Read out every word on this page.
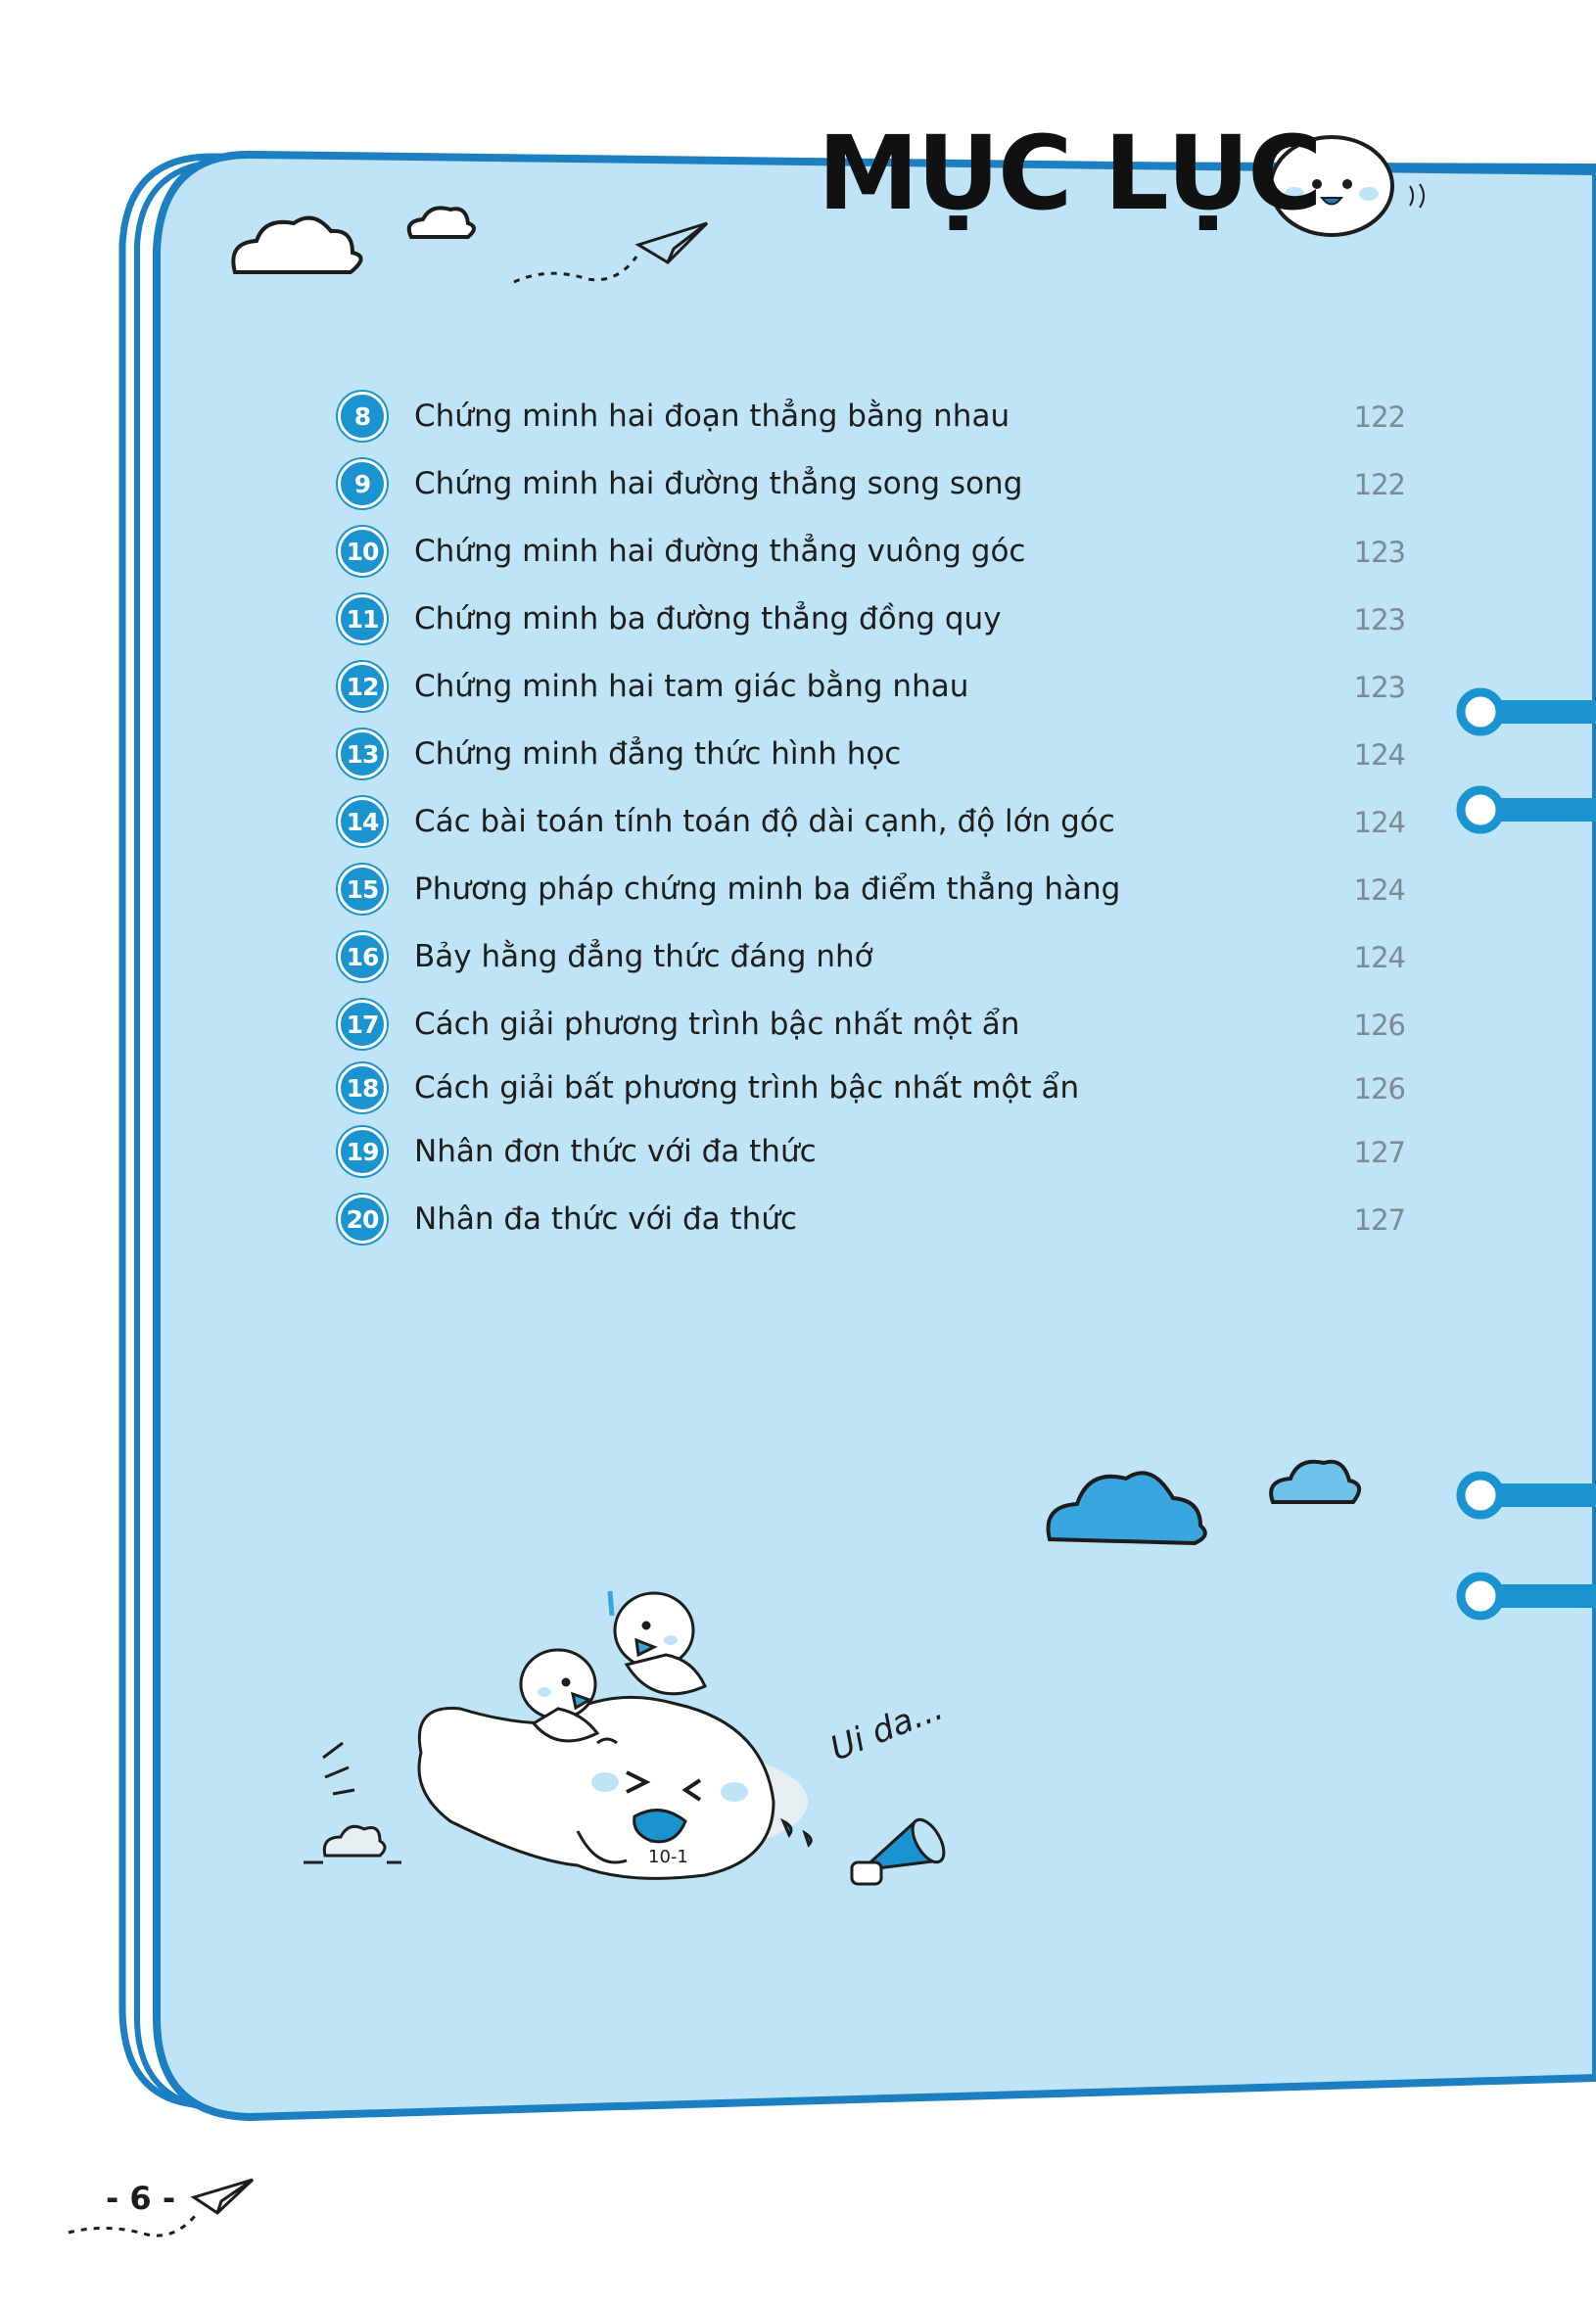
MỤC LỤC
8	Chứng minh hai đoạn thẳng bằng nhau	122
9	Chứng minh hai đường thẳng song song	122
10 Chứng minh hai đường thẳng vuông góc	123
11 Chứng minh ba đường thẳng đồng quy	123
12 Chứng minh hai tam giác bằng nhau	123
13 Chứng minh đẳng thức hình học	124
14 Các bài toán tính toán độ dài cạnh, độ lớn góc	124
15 Phương pháp chứng minh ba điểm thẳng hàng	124
16 Bảy hằng đẳng thức đáng nhớ	124
17 Cách giải phương trình bậc nhất một ẩn	126
18 Cách giải bất phương trình bậc nhất một ẩn	126
19 Nhân đơn thức với đa thức	127
20 Nhân đa thức với đa thức	127
Ui da...
10-1
- 6 -
